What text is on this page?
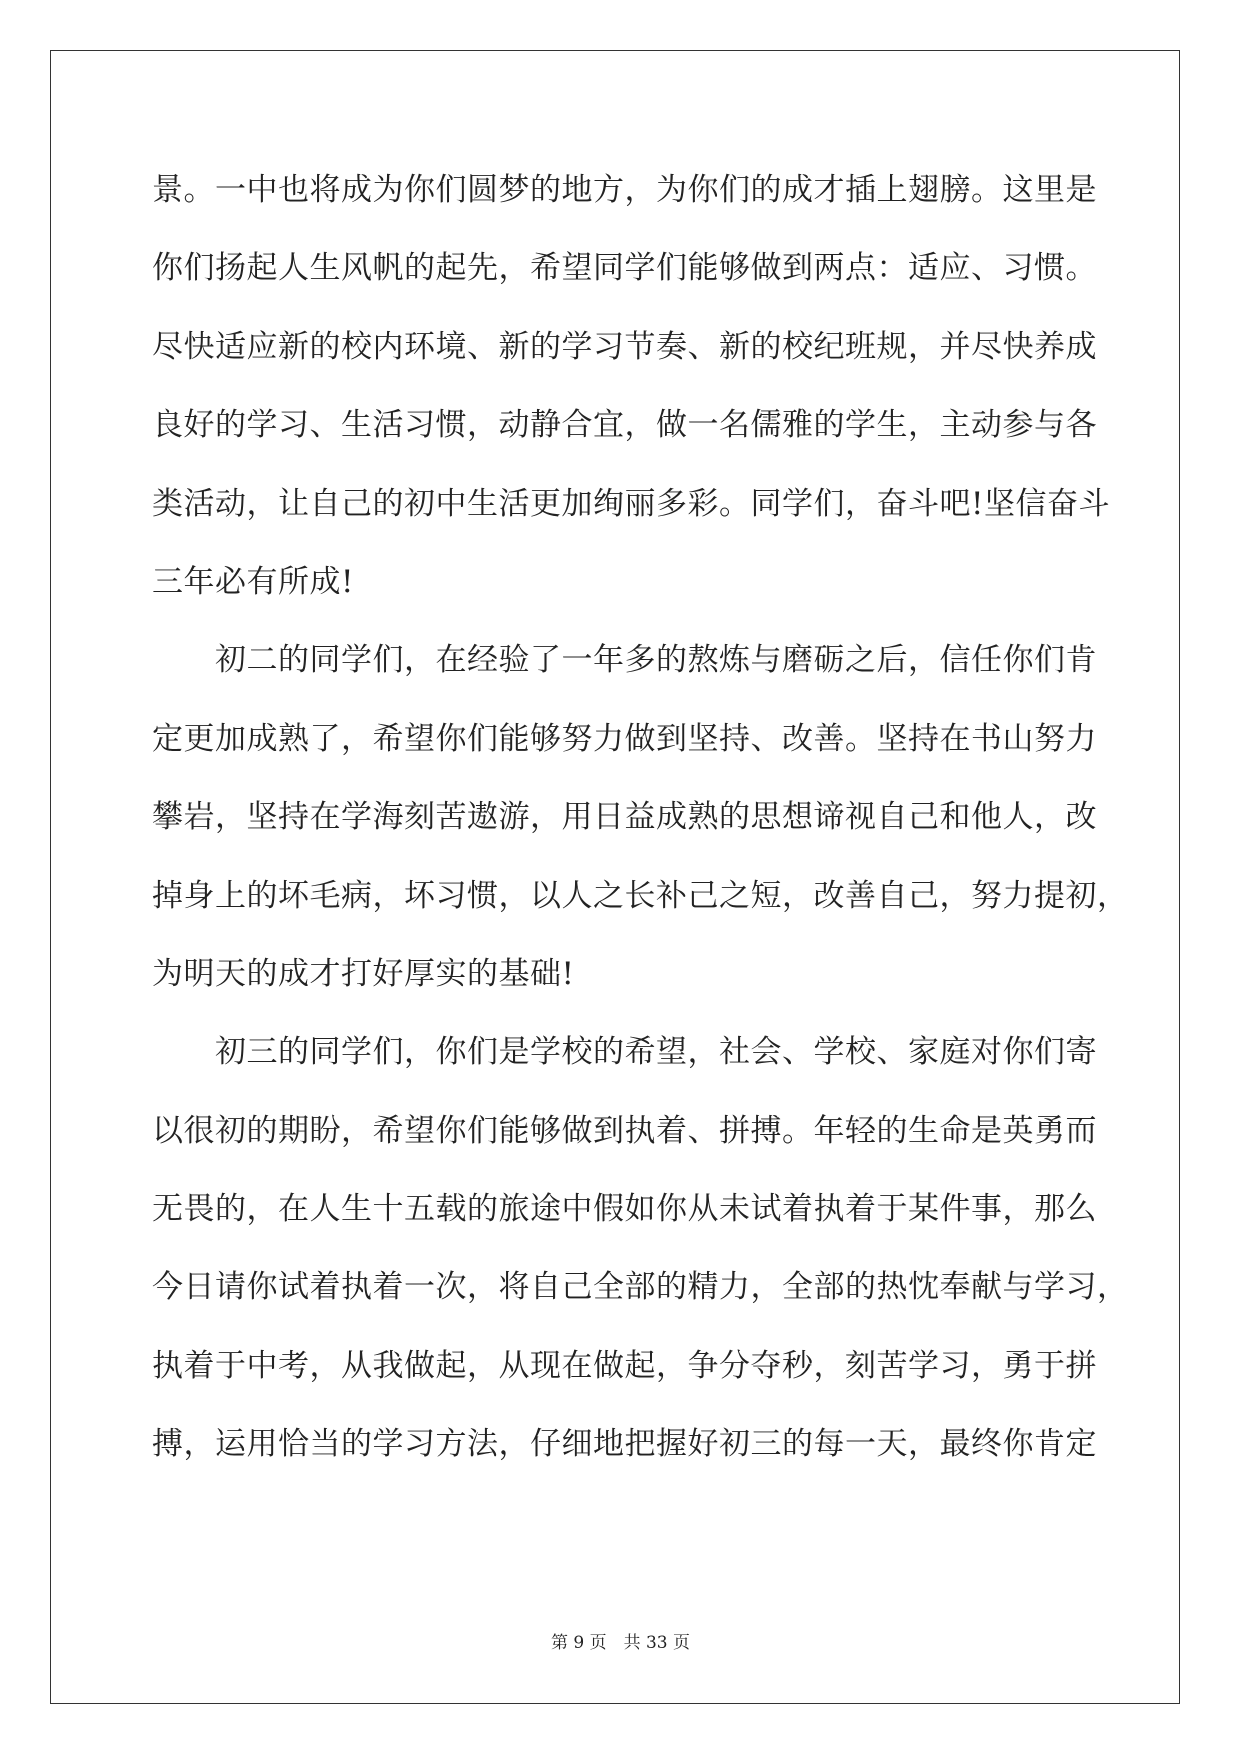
景。一中也将成为你们圆梦的地方，为你们的成才插上翅膀。这里是
你们扬起人生风帆的起先，希望同学们能够做到两点：适应、习惯。
尽快适应新的校内环境、新的学习节奏、新的校纪班规，并尽快养成
良好的学习、生活习惯，动静合宜，做一名儒雅的学生，主动参与各
类活动，让自己的初中生活更加绚丽多彩。同学们，奋斗吧!坚信奋斗
三年必有所成!
　　初二的同学们，在经验了一年多的熬炼与磨砺之后，信任你们肯
定更加成熟了，希望你们能够努力做到坚持、改善。坚持在书山努力
攀岩，坚持在学海刻苦遨游，用日益成熟的思想谛视自己和他人，改
掉身上的坏毛病，坏习惯，以人之长补己之短，改善自己，努力提初，
为明天的成才打好厚实的基础!
　　初三的同学们，你们是学校的希望，社会、学校、家庭对你们寄
以很初的期盼，希望你们能够做到执着、拼搏。年轻的生命是英勇而
无畏的，在人生十五载的旅途中假如你从未试着执着于某件事，那么
今日请你试着执着一次，将自己全部的精力，全部的热忱奉献与学习，
执着于中考，从我做起，从现在做起，争分夺秒，刻苦学习，勇于拼
搏，运用恰当的学习方法，仔细地把握好初三的每一天，最终你肯定
第 9 页　共 33 页
